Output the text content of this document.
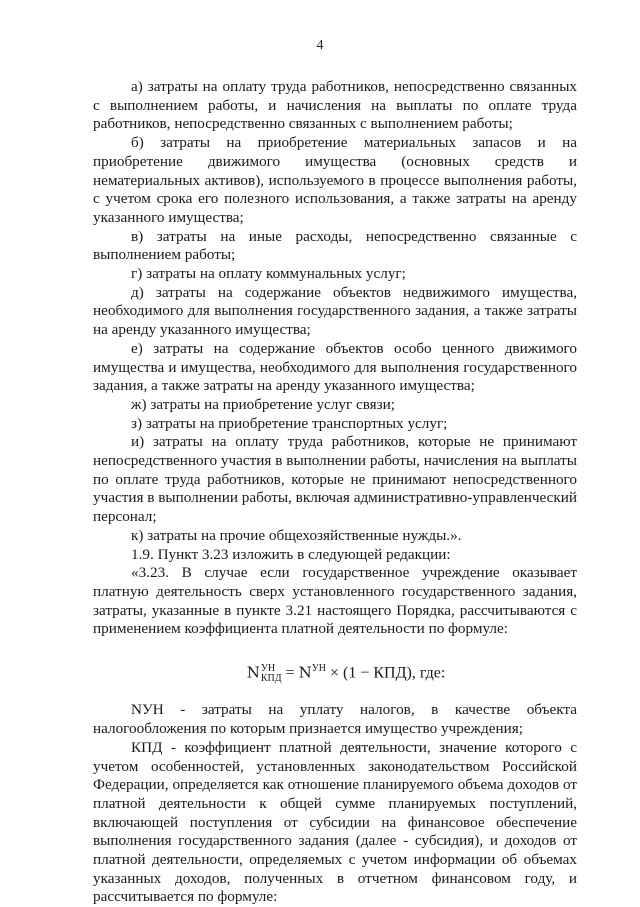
4

а) затраты на оплату труда работников, непосредственно связанных с выполнением работы, и начисления на выплаты по оплате труда работников, непосредственно связанных с выполнением работы;

б) затраты на приобретение материальных запасов и на приобретение движимого имущества (основных средств и нематериальных активов), используемого в процессе выполнения работы, с учетом срока его полезного использования, а также затраты на аренду указанного имущества;

в) затраты на иные расходы, непосредственно связанные с выполнением работы;

г) затраты на оплату коммунальных услуг;

д) затраты на содержание объектов недвижимого имущества, необходимого для выполнения государственного задания, а также затраты на аренду указанного имущества;

е) затраты на содержание объектов особо ценного движимого имущества и имущества, необходимого для выполнения государственного задания, а также затраты на аренду указанного имущества;

ж) затраты на приобретение услуг связи;

з) затраты на приобретение транспортных услуг;

и) затраты на оплату труда работников, которые не принимают непосредственного участия в выполнении работы, начисления на выплаты по оплате труда работников, которые не принимают непосредственного участия в выполнении работы, включая административно-управленческий персонал;

к) затраты на прочие общехозяйственные нужды.».

1.9. Пункт 3.23 изложить в следующей редакции:

«3.23. В случае если государственное учреждение оказывает платную деятельность сверх установленного государственного задания, затраты, указанные в пункте 3.21 настоящего Порядка, рассчитываются с применением коэффициента платной деятельности по формуле:

N УН
КПД = $N^{УН} \times (1 - КПД)$, где:

NУН - затраты на уплату налогов, в качестве объекта налогообложения по которым признается имущество учреждения;

КПД - коэффициент платной деятельности, значение которого с учетом особенностей, установленных законодательством Российской Федерации, определяется как отношение планируемого объема доходов от платной деятельности к общей сумме планируемых поступлений, включающей поступления от субсидии на финансовое обеспечение выполнения государственного задания (далее - субсидия), и доходов от платной деятельности, определяемых с учетом информации об объемах указанных доходов, полученных в отчетном финансовом году, и рассчитывается по формуле:
